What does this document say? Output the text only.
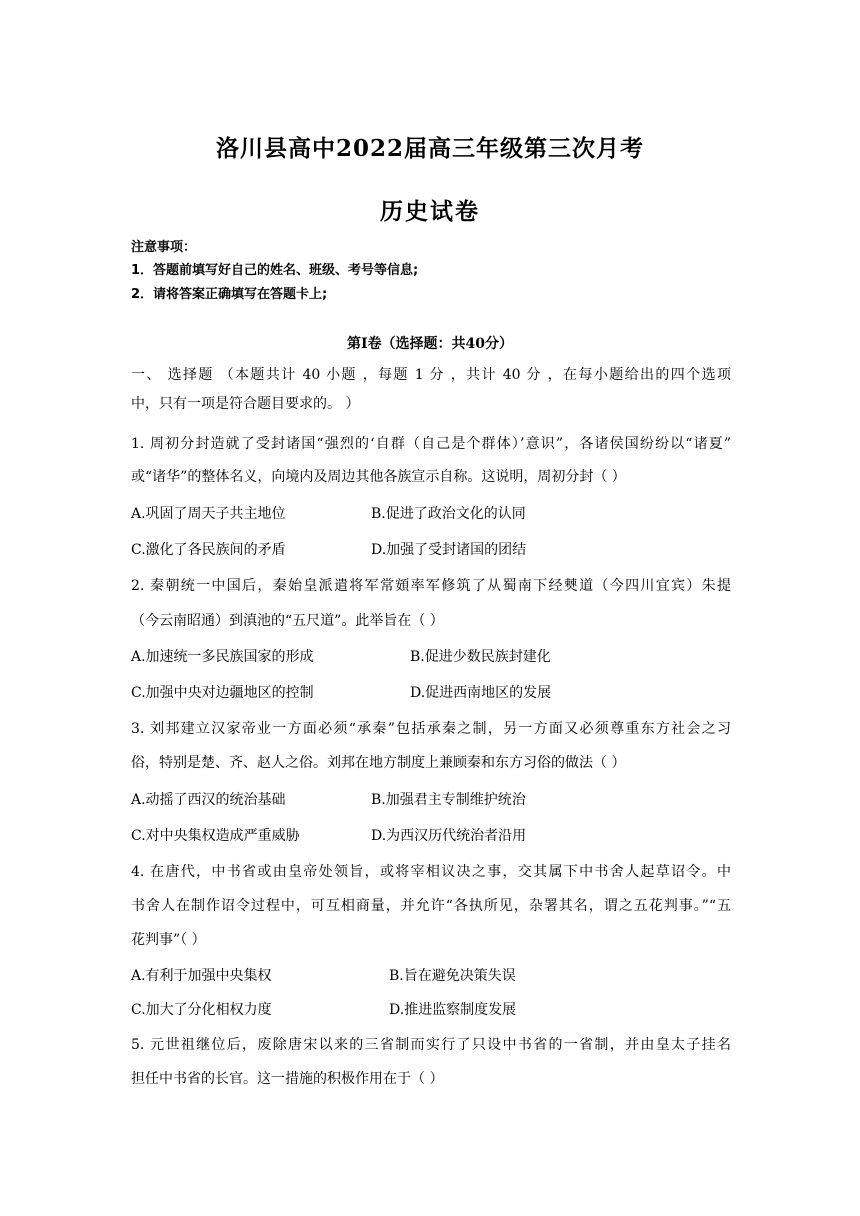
洛川县高中2022届高三年级第三次月考
历史试卷
注意事项：
1．答题前填写好自己的姓名、班级、考号等信息;
2．请将答案正确填写在答题卡上;
第I卷（选择题：共40分）
一、 选择题 （本题共计 40 小题 ，每题 1 分 ，共计 40 分 ，在每小题给出的四个选项
中，只有一项是符合题目要求的。 ）
1. 周初分封造就了受封诸国“强烈的‘自群（自己是个群体）’意识”，各诸侯国纷纷以“诸夏”
或“诸华”的整体名义，向境内及周边其他各族宣示自称。这说明，周初分封（ ）
A.巩固了周天子共主地位	B.促进了政治文化的认同
C.激化了各民族间的矛盾	D.加强了受封诸国的团结
2. 秦朝统一中国后，秦始皇派遣将军常頞率军修筑了从蜀南下经僰道（今四川宜宾）朱提
（今云南昭通）到滇池的“五尺道”。此举旨在（ ）
A.加速统一多民族国家的形成	B.促进少数民族封建化
C.加强中央对边疆地区的控制	D.促进西南地区的发展
3. 刘邦建立汉家帝业一方面必须“承秦”包括承秦之制，另一方面又必须尊重东方社会之习
俗，特别是楚、齐、赵人之俗。刘邦在地方制度上兼顾秦和东方习俗的做法（ ）
A.动摇了西汉的统治基础	B.加强君主专制维护统治
C.对中央集权造成严重威胁	D.为西汉历代统治者沿用
4. 在唐代，中书省或由皇帝处领旨，或将宰相议决之事，交其属下中书舍人起草诏令。中
书舍人在制作诏令过程中，可互相商量，并允许“各执所见，杂署其名，谓之五花判事。”“五
花判事”（ ）
A.有利于加强中央集权	B.旨在避免决策失误
C.加大了分化相权力度	D.推进监察制度发展
5. 元世祖继位后，废除唐宋以来的三省制而实行了只设中书省的一省制，并由皇太子挂名
担任中书省的长官。这一措施的积极作用在于（ ）
